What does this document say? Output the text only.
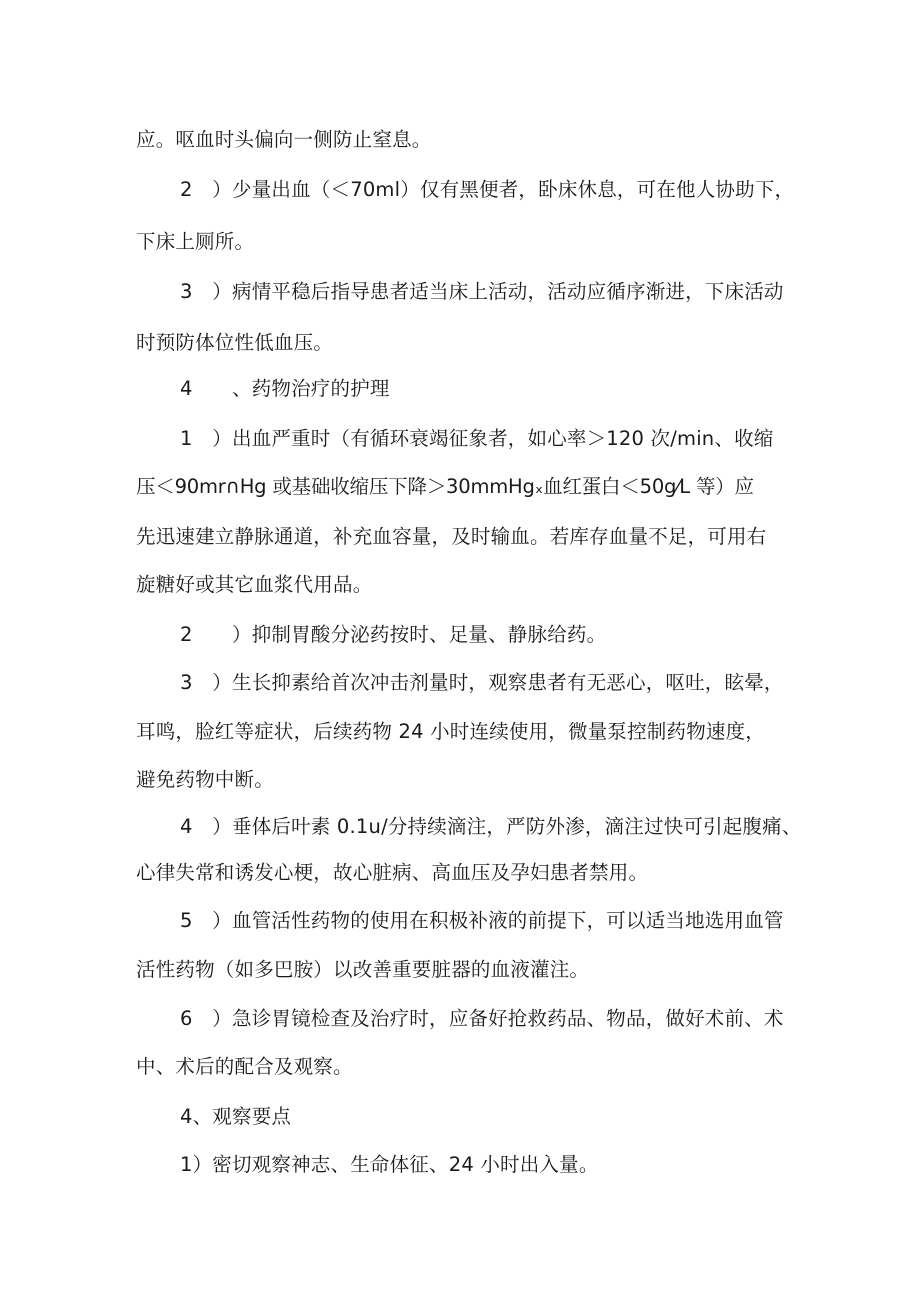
应。呕血时头偏向一侧防止窒息。
2　）少量出血（＜70ml）仅有黑便者，卧床休息，可在他人协助下，
下床上厕所。
3　）病情平稳后指导患者适当床上活动，活动应循序渐进，下床活动
时预防体位性低血压。
4　　、药物治疗的护理
1　）出血严重时（有循环衰竭征象者，如心率＞120 次/min、收缩
压＜90mr∩Hg 或基础收缩压下降＞30mmHgₓ血红蛋白＜50g⁄L 等）应
先迅速建立静脉通道，补充血容量，及时输血。若库存血量不足，可用右
旋糖好或其它血浆代用品。
2　　）抑制胃酸分泌药按时、足量、静脉给药。
3　）生长抑素给首次冲击剂量时，观察患者有无恶心，呕吐，眩晕，
耳鸣，脸红等症状，后续药物 24 小时连续使用，微量泵控制药物速度，
避免药物中断。
4　）垂体后叶素 0.1u/分持续滴注，严防外渗，滴注过快可引起腹痛、
心律失常和诱发心梗，故心脏病、高血压及孕妇患者禁用。
5　）血管活性药物的使用在积极补液的前提下，可以适当地选用血管
活性药物（如多巴胺）以改善重要脏器的血液灌注。
6　）急诊胃镜检查及治疗时，应备好抢救药品、物品，做好术前、术
中、术后的配合及观察。
4、观察要点
1）密切观察神志、生命体征、24 小时出入量。
